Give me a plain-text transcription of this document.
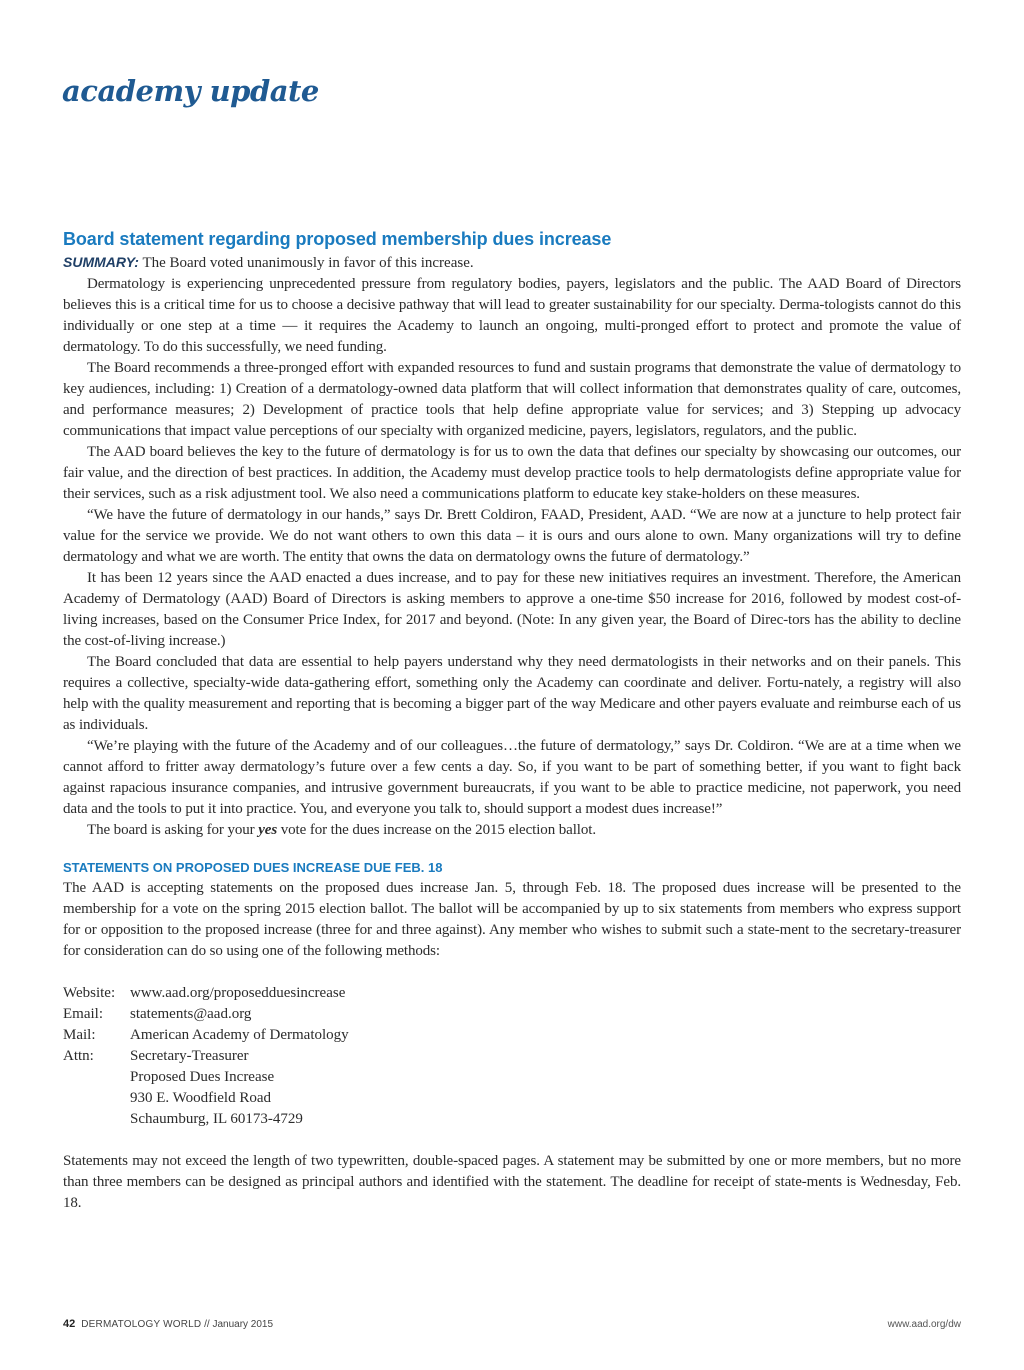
academy update
Board statement regarding proposed membership dues increase

SUMMARY: The Board voted unanimously in favor of this increase.

Dermatology is experiencing unprecedented pressure from regulatory bodies, payers, legislators and the public. The AAD Board of Directors believes this is a critical time for us to choose a decisive pathway that will lead to greater sustainability for our specialty. Derma-tologists cannot do this individually or one step at a time — it requires the Academy to launch an ongoing, multi-pronged effort to protect and promote the value of dermatology. To do this successfully, we need funding.

The Board recommends a three-pronged effort with expanded resources to fund and sustain programs that demonstrate the value of dermatology to key audiences, including: 1) Creation of a dermatology-owned data platform that will collect information that demonstrates quality of care, outcomes, and performance measures; 2) Development of practice tools that help define appropriate value for services; and 3) Stepping up advocacy communications that impact value perceptions of our specialty with organized medicine, payers, legislators, regulators, and the public.

The AAD board believes the key to the future of dermatology is for us to own the data that defines our specialty by showcasing our outcomes, our fair value, and the direction of best practices. In addition, the Academy must develop practice tools to help dermatologists define appropriate value for their services, such as a risk adjustment tool. We also need a communications platform to educate key stake-holders on these measures.

“We have the future of dermatology in our hands,” says Dr. Brett Coldiron, FAAD, President, AAD. “We are now at a juncture to help protect fair value for the service we provide. We do not want others to own this data – it is ours and ours alone to own. Many organizations will try to define dermatology and what we are worth. The entity that owns the data on dermatology owns the future of dermatology.”

It has been 12 years since the AAD enacted a dues increase, and to pay for these new initiatives requires an investment. Therefore, the American Academy of Dermatology (AAD) Board of Directors is asking members to approve a one-time $50 increase for 2016, followed by modest cost-of-living increases, based on the Consumer Price Index, for 2017 and beyond. (Note: In any given year, the Board of Direc-tors has the ability to decline the cost-of-living increase.)

The Board concluded that data are essential to help payers understand why they need dermatologists in their networks and on their panels. This requires a collective, specialty-wide data-gathering effort, something only the Academy can coordinate and deliver. Fortu-nately, a registry will also help with the quality measurement and reporting that is becoming a bigger part of the way Medicare and other payers evaluate and reimburse each of us as individuals.

“We’re playing with the future of the Academy and of our colleagues…the future of dermatology,” says Dr. Coldiron. “We are at a time when we cannot afford to fritter away dermatology’s future over a few cents a day. So, if you want to be part of something better, if you want to fight back against rapacious insurance companies, and intrusive government bureaucrats, if you want to be able to practice medicine, not paperwork, you need data and the tools to put it into practice. You, and everyone you talk to, should support a modest dues increase!”

The board is asking for your yes vote for the dues increase on the 2015 election ballot.

STATEMENTS ON PROPOSED DUES INCREASE DUE FEB. 18

The AAD is accepting statements on the proposed dues increase Jan. 5, through Feb. 18. The proposed dues increase will be presented to the membership for a vote on the spring 2015 election ballot. The ballot will be accompanied by up to six statements from members who express support for or opposition to the proposed increase (three for and three against). Any member who wishes to submit such a state-ment to the secretary-treasurer for consideration can do so using one of the following methods:

Website: www.aad.org/proposedduesincrease
Email:	statements@aad.org
Mail:	American Academy of Dermatology
Attn:	Secretary-Treasurer
Proposed Dues Increase
930 E. Woodfield Road
Schaumburg, IL 60173-4729

Statements may not exceed the length of two typewritten, double-spaced pages. A statement may be submitted by one or more members, but no more than three members can be designed as principal authors and identified with the statement. The deadline for receipt of state-ments is Wednesday, Feb. 18.

42 DERMATOLOGY WORLD // January 2015	www.aad.org/dw
